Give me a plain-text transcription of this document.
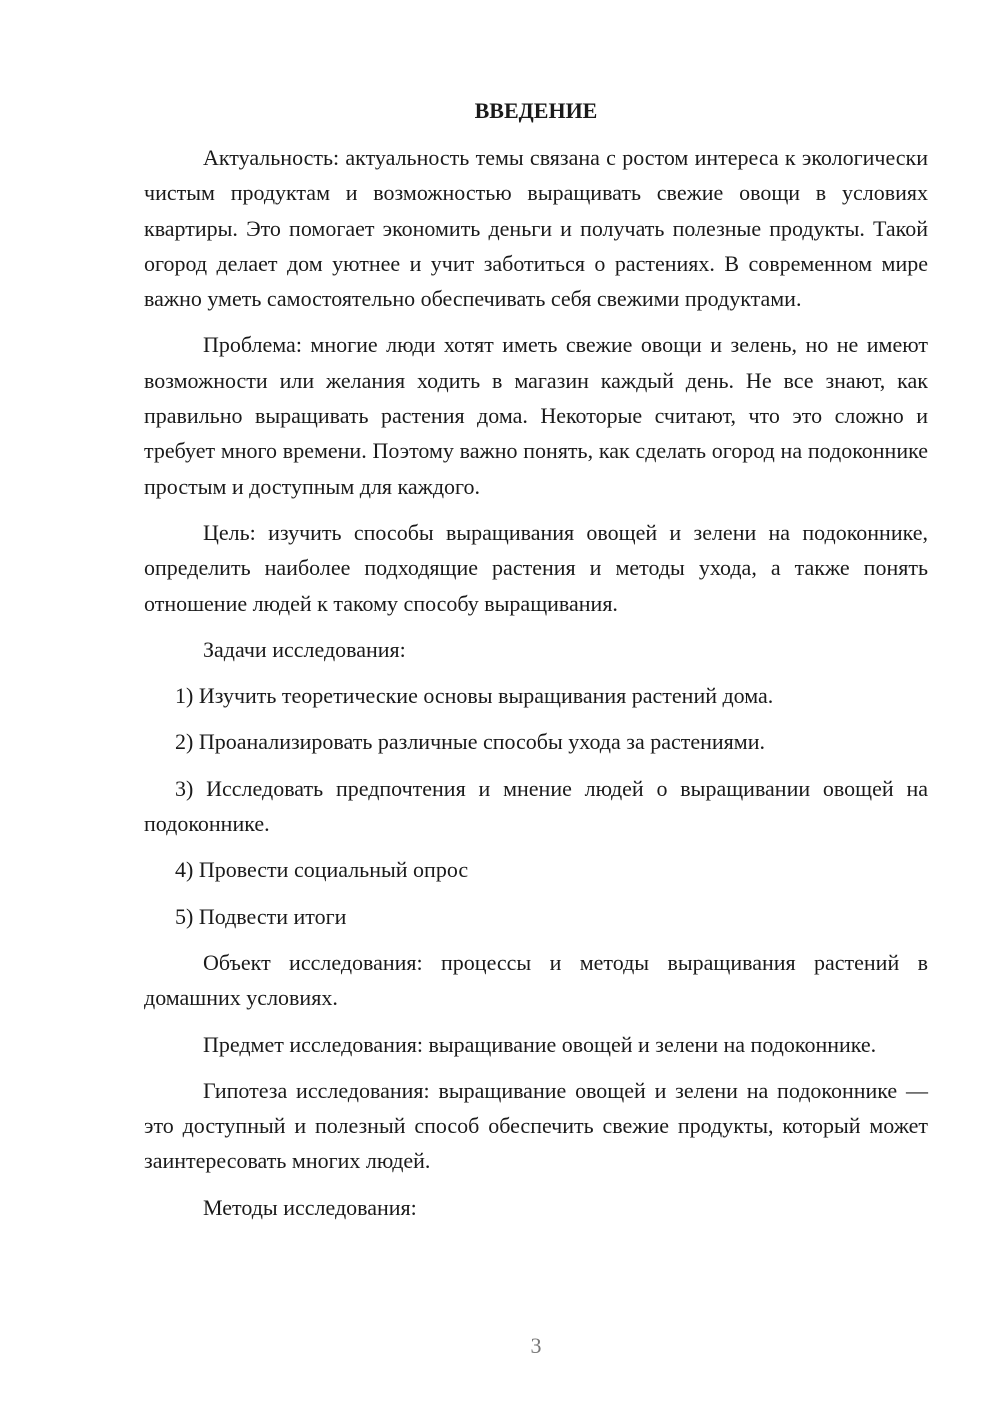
ВВЕДЕНИЕ

Актуальность: актуальность темы связана с ростом интереса к экологически чистым продуктам и возможностью выращивать свежие овощи в условиях квартиры. Это помогает экономить деньги и получать полезные продукты. Такой огород делает дом уютнее и учит заботиться о растениях. В современном мире важно уметь самостоятельно обеспечивать себя свежими продуктами.

Проблема: многие люди хотят иметь свежие овощи и зелень, но не имеют возможности или желания ходить в магазин каждый день. Не все знают, как правильно выращивать растения дома. Некоторые считают, что это сложно и требует много времени. Поэтому важно понять, как сделать огород на подоконнике простым и доступным для каждого.

Цель: изучить способы выращивания овощей и зелени на подоконнике, определить наиболее подходящие растения и методы ухода, а также понять отношение людей к такому способу выращивания.

Задачи исследования:

1) Изучить теоретические основы выращивания растений дома.

2) Проанализировать различные способы ухода за растениями.

3) Исследовать предпочтения и мнение людей о выращивании овощей на подоконнике.

4) Провести социальный опрос

5) Подвести итоги

Объект исследования: процессы и методы выращивания растений в домашних условиях.

Предмет исследования: выращивание овощей и зелени на подоконнике.

Гипотеза исследования: выращивание овощей и зелени на подоконнике — это доступный и полезный способ обеспечить свежие продукты, который может заинтересовать многих людей.

Методы исследования:

3
